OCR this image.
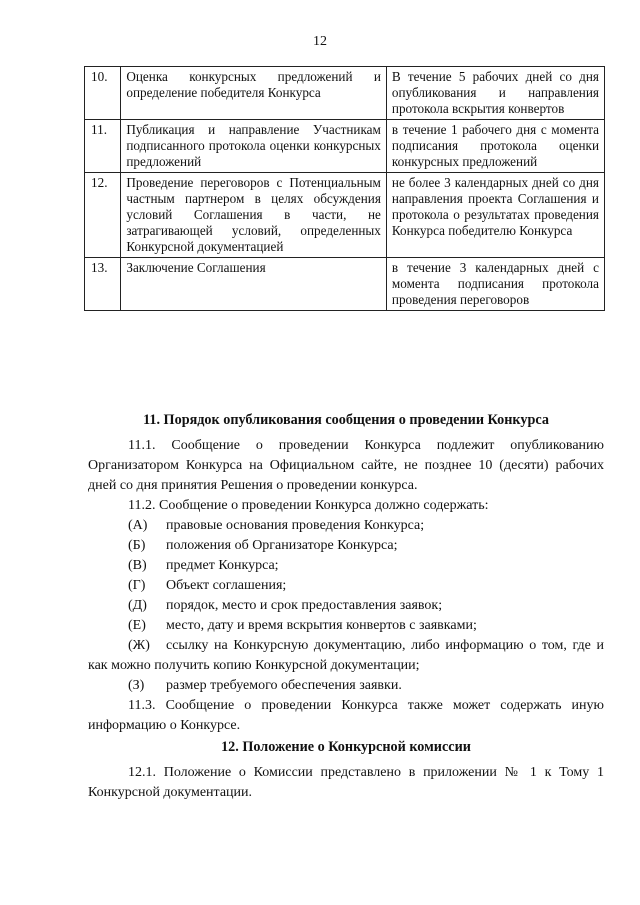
12
10.	Оценка конкурсных предложений и определение победителя Конкурса	В течение 5 рабочих дней со дня опубликования и направления протокола вскрытия конвертов
11.	Публикация и направление Участникам подписанного протокола оценки конкурсных предложений	в течение 1 рабочего дня с момента подписания протокола оценки конкурсных предложений
12.	Проведение переговоров с Потенциальным частным партнером в целях обсуждения условий Соглашения в части, не затрагивающей условий, определенных Конкурсной документацией	не более 3 календарных дней со дня направления проекта Соглашения и протокола о результатах проведения Конкурса победителю Конкурса
13.	Заключение Соглашения	в течение 3 календарных дней с момента подписания протокола проведения переговоров
11. Порядок опубликования сообщения о проведении Конкурса

11.1. Сообщение о проведении Конкурса подлежит опубликованию Организатором Конкурса на Официальном сайте, не позднее 10 (десяти) рабочих дней со дня принятия Решения о проведении конкурса.

11.2. Сообщение о проведении Конкурса должно содержать:

(А) правовые основания проведения Конкурса;

(Б) положения об Организаторе Конкурса;

(В) предмет Конкурса;

(Г) Объект соглашения;

(Д) порядок, место и срок предоставления заявок;

(Е) место, дату и время вскрытия конвертов с заявками;

(Ж) ссылку на Конкурсную документацию, либо информацию о том, где и как можно получить копию Конкурсной документации;

(З) размер требуемого обеспечения заявки.

11.3. Сообщение о проведении Конкурса также может содержать иную информацию о Конкурсе.

12. Положение о Конкурсной комиссии

12.1. Положение о Комиссии представлено в приложении № 1 к Тому 1 Конкурсной документации.
